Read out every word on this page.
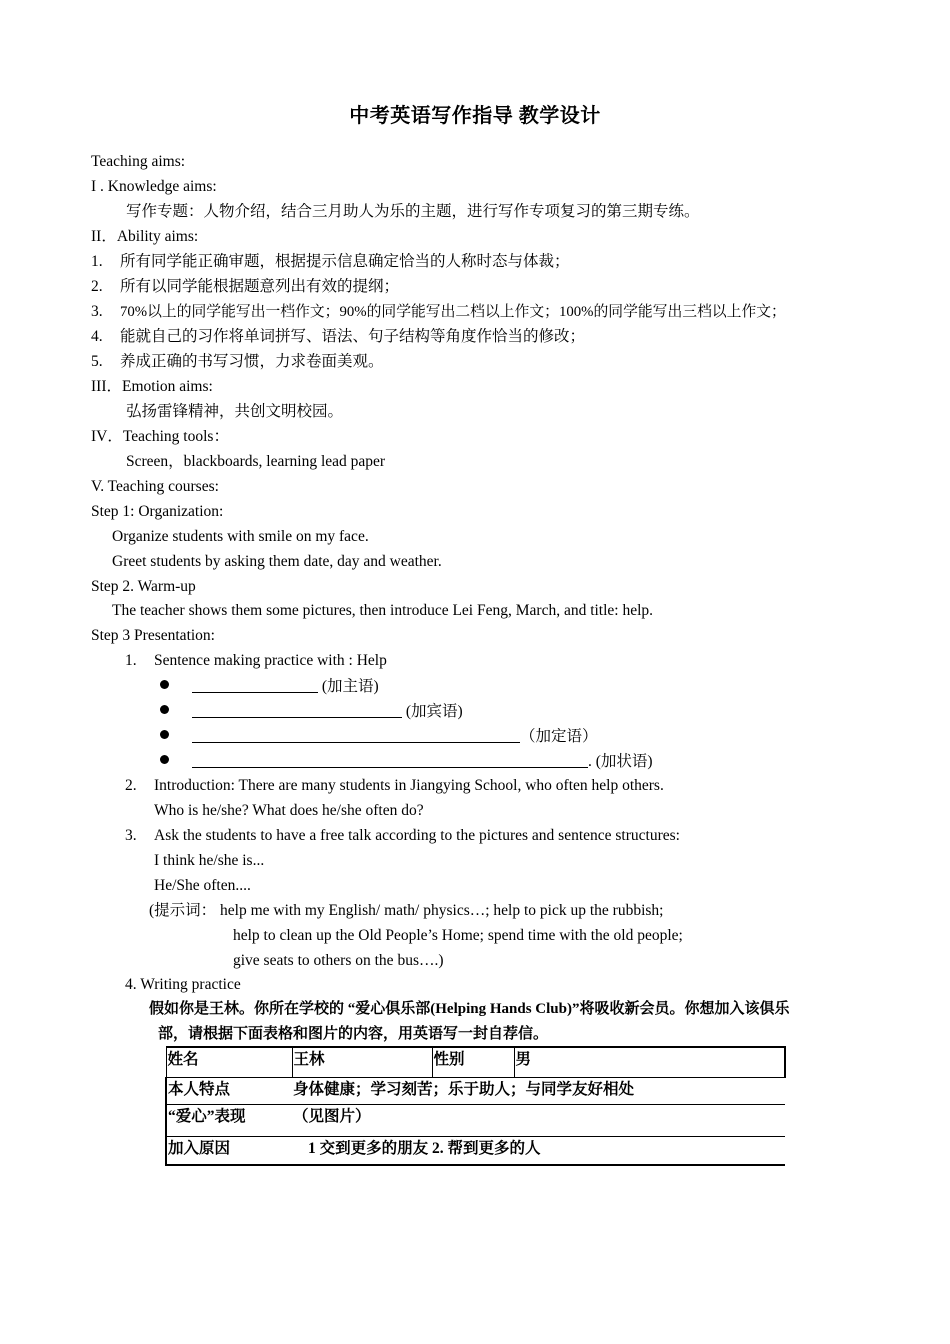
中考英语写作指导 教学设计
Teaching aims:
I . Knowledge aims:
写作专题：人物介绍，结合三月助人为乐的主题，进行写作专项复习的第三期专练。
II．Ability aims:
1. 所有同学能正确审题，根据提示信息确定恰当的人称时态与体裁；
2. 所有以同学能根据题意列出有效的提纲；
3. 70%以上的同学能写出一档作文；90%的同学能写出二档以上作文；100%的同学能写出三档以上作文；
4. 能就自己的习作将单词拼写、语法、句子结构等角度作恰当的修改；
5. 养成正确的书写习惯，力求卷面美观。
III．Emotion aims:
弘扬雷锋精神，共创文明校园。
IV．Teaching tools：
Screen，blackboards, learning lead paper
V. Teaching courses:
Step 1: Organization:
Organize students with smile on my face.
Greet students by asking them date, day and weather.
Step 2. Warm-up
The teacher shows them some pictures, then introduce Lei Feng, March, and title: help.
Step 3 Presentation:
1. Sentence making practice with : Help
(加主语)
(加宾语)
（加定语）
. (加状语)
2. Introduction: There are many students in Jiangying School, who often help others.
Who is he/she? What does he/she often do?
3. Ask the students to have a free talk according to the pictures and sentence structures:
I think he/she is...
He/She often....
(提示词： help me with my English/ math/ physics…; help to pick up the rubbish;
help to clean up the Old People’s Home; spend time with the old people;
give seats to others on the bus….)
4. Writing practice
假如你是王林。你所在学校的 “爱心俱乐部(Helping Hands Club)”将吸收新会员。你想加入该俱乐
部，请根据下面表格和图片的内容，用英语写一封自荐信。
姓名	王林	性别	男
本人特点	身体健康；学习刻苦；乐于助人；与同学友好相处		
“爱心”表现	（见图片）		
加入原因	1 交到更多的朋友 2. 帮到更多的人		
